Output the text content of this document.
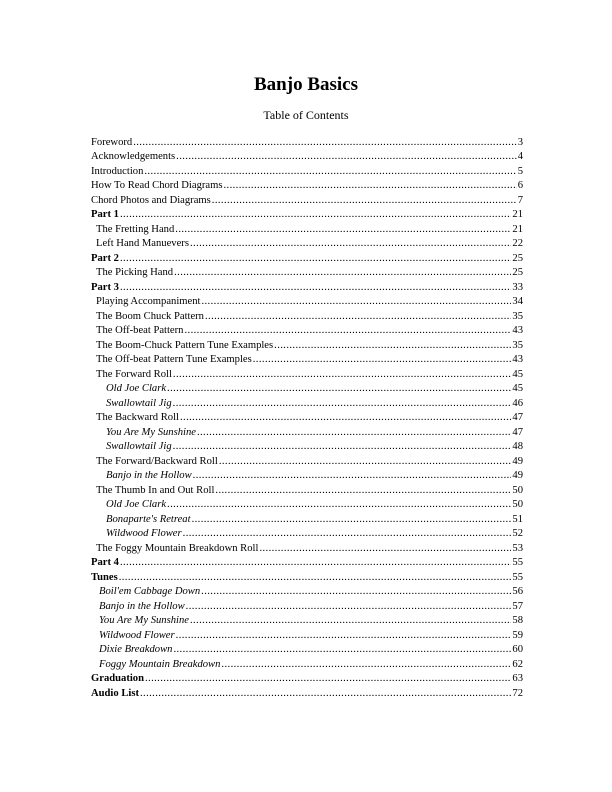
Banjo Basics
Table of Contents
Foreword .....	3
Acknowledgements .....	4
Introduction .....	5
How To Read Chord Diagrams .....	6
Chord Photos and Diagrams .....	7
Part 1 .....	21
The Fretting Hand .....	21
Left Hand Manuevers .....	22
Part 2 .....	25
The Picking Hand .....	25
Part 3 .....	33
Playing Accompaniment .....	34
The Boom Chuck Pattern .....	35
The Off-beat Pattern .....	43
The Boom-Chuck Pattern Tune Examples .....	35
The Off-beat Pattern Tune Examples .....	43
The Forward Roll .....	45
Old Joe Clark .....	45
Swallowtail Jig .....	46
The Backward Roll .....	47
You Are My Sunshine .....	47
Swallowtail Jig .....	48
The Forward/Backward Roll .....	49
Banjo in the Hollow .....	49
The Thumb In and Out Roll .....	50
Old Joe Clark .....	50
Bonaparte's Retreat .....	51
Wildwood Flower .....	52
The Foggy Mountain Breakdown Roll .....	53
Part 4 .....	55
Tunes .....	55
Boil'em Cabbage Down .....	56
Banjo in the Hollow .....	57
You Are My Sunshine .....	58
Wildwood Flower .....	59
Dixie Breakdown .....	60
Foggy Mountain Breakdown .....	62
Graduation .....	63
Audio List .....	72
